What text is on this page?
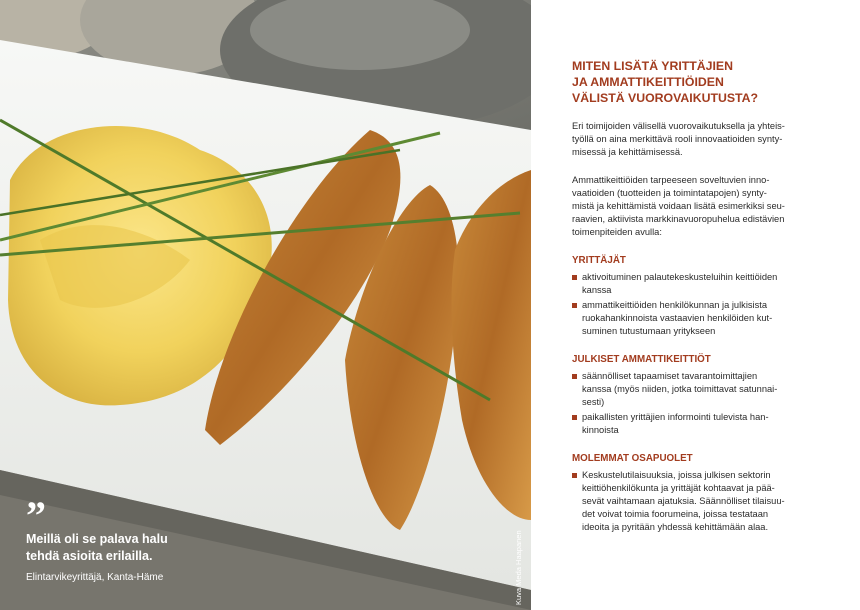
”
Meillä oli se palava halu
tehdä asioita erilailla.
Elintarvikeyrittäjä, Kanta-Häme	Kuva Meda Haapanen
MITEN LISÄTÄ YRITTÄJIEN
JA AMMATTIKEITTIÖIDEN
VÄLISTÄ VUOROVAIKUTUSTA?

Eri toimijoiden välisellä vuorovaikutuksella ja yhteis-
työllä on aina merkittävä rooli innovaatioiden synty-
misessä ja kehittämisessä.

Ammattikeittiöiden tarpeeseen soveltuvien inno-
vaatioiden (tuotteiden ja toimintatapojen) synty-
mistä ja kehittämistä voidaan lisätä esimerkiksi seu-
raavien, aktiivista markkinavuoropuhelua edistävien
toimenpiteiden avulla:

YRITTÄJÄT
aktivoituminen palautekeskusteluihin keittiöiden
kanssa
ammattikeittiöiden henkilökunnan ja julkisista
ruokahankinnoista vastaavien henkilöiden kut-
suminen tutustumaan yritykseen
JULKISET AMMATTIKEITTIÖT
säännölliset tapaamiset tavarantoimittajien
kanssa (myös niiden, jotka toimittavat satunnai-
sesti)
paikallisten yrittäjien informointi tulevista han-
kinnoista
MOLEMMAT OSAPUOLET
Keskustelutilaisuuksia, joissa julkisen sektorin
keittiöhenkilökunta ja yrittäjät kohtaavat ja pää-
sevät vaihtamaan ajatuksia. Säännölliset tilaisuu-
det voivat toimia foorumeina, joissa testataan
ideoita ja pyritään yhdessä kehittämään alaa.
